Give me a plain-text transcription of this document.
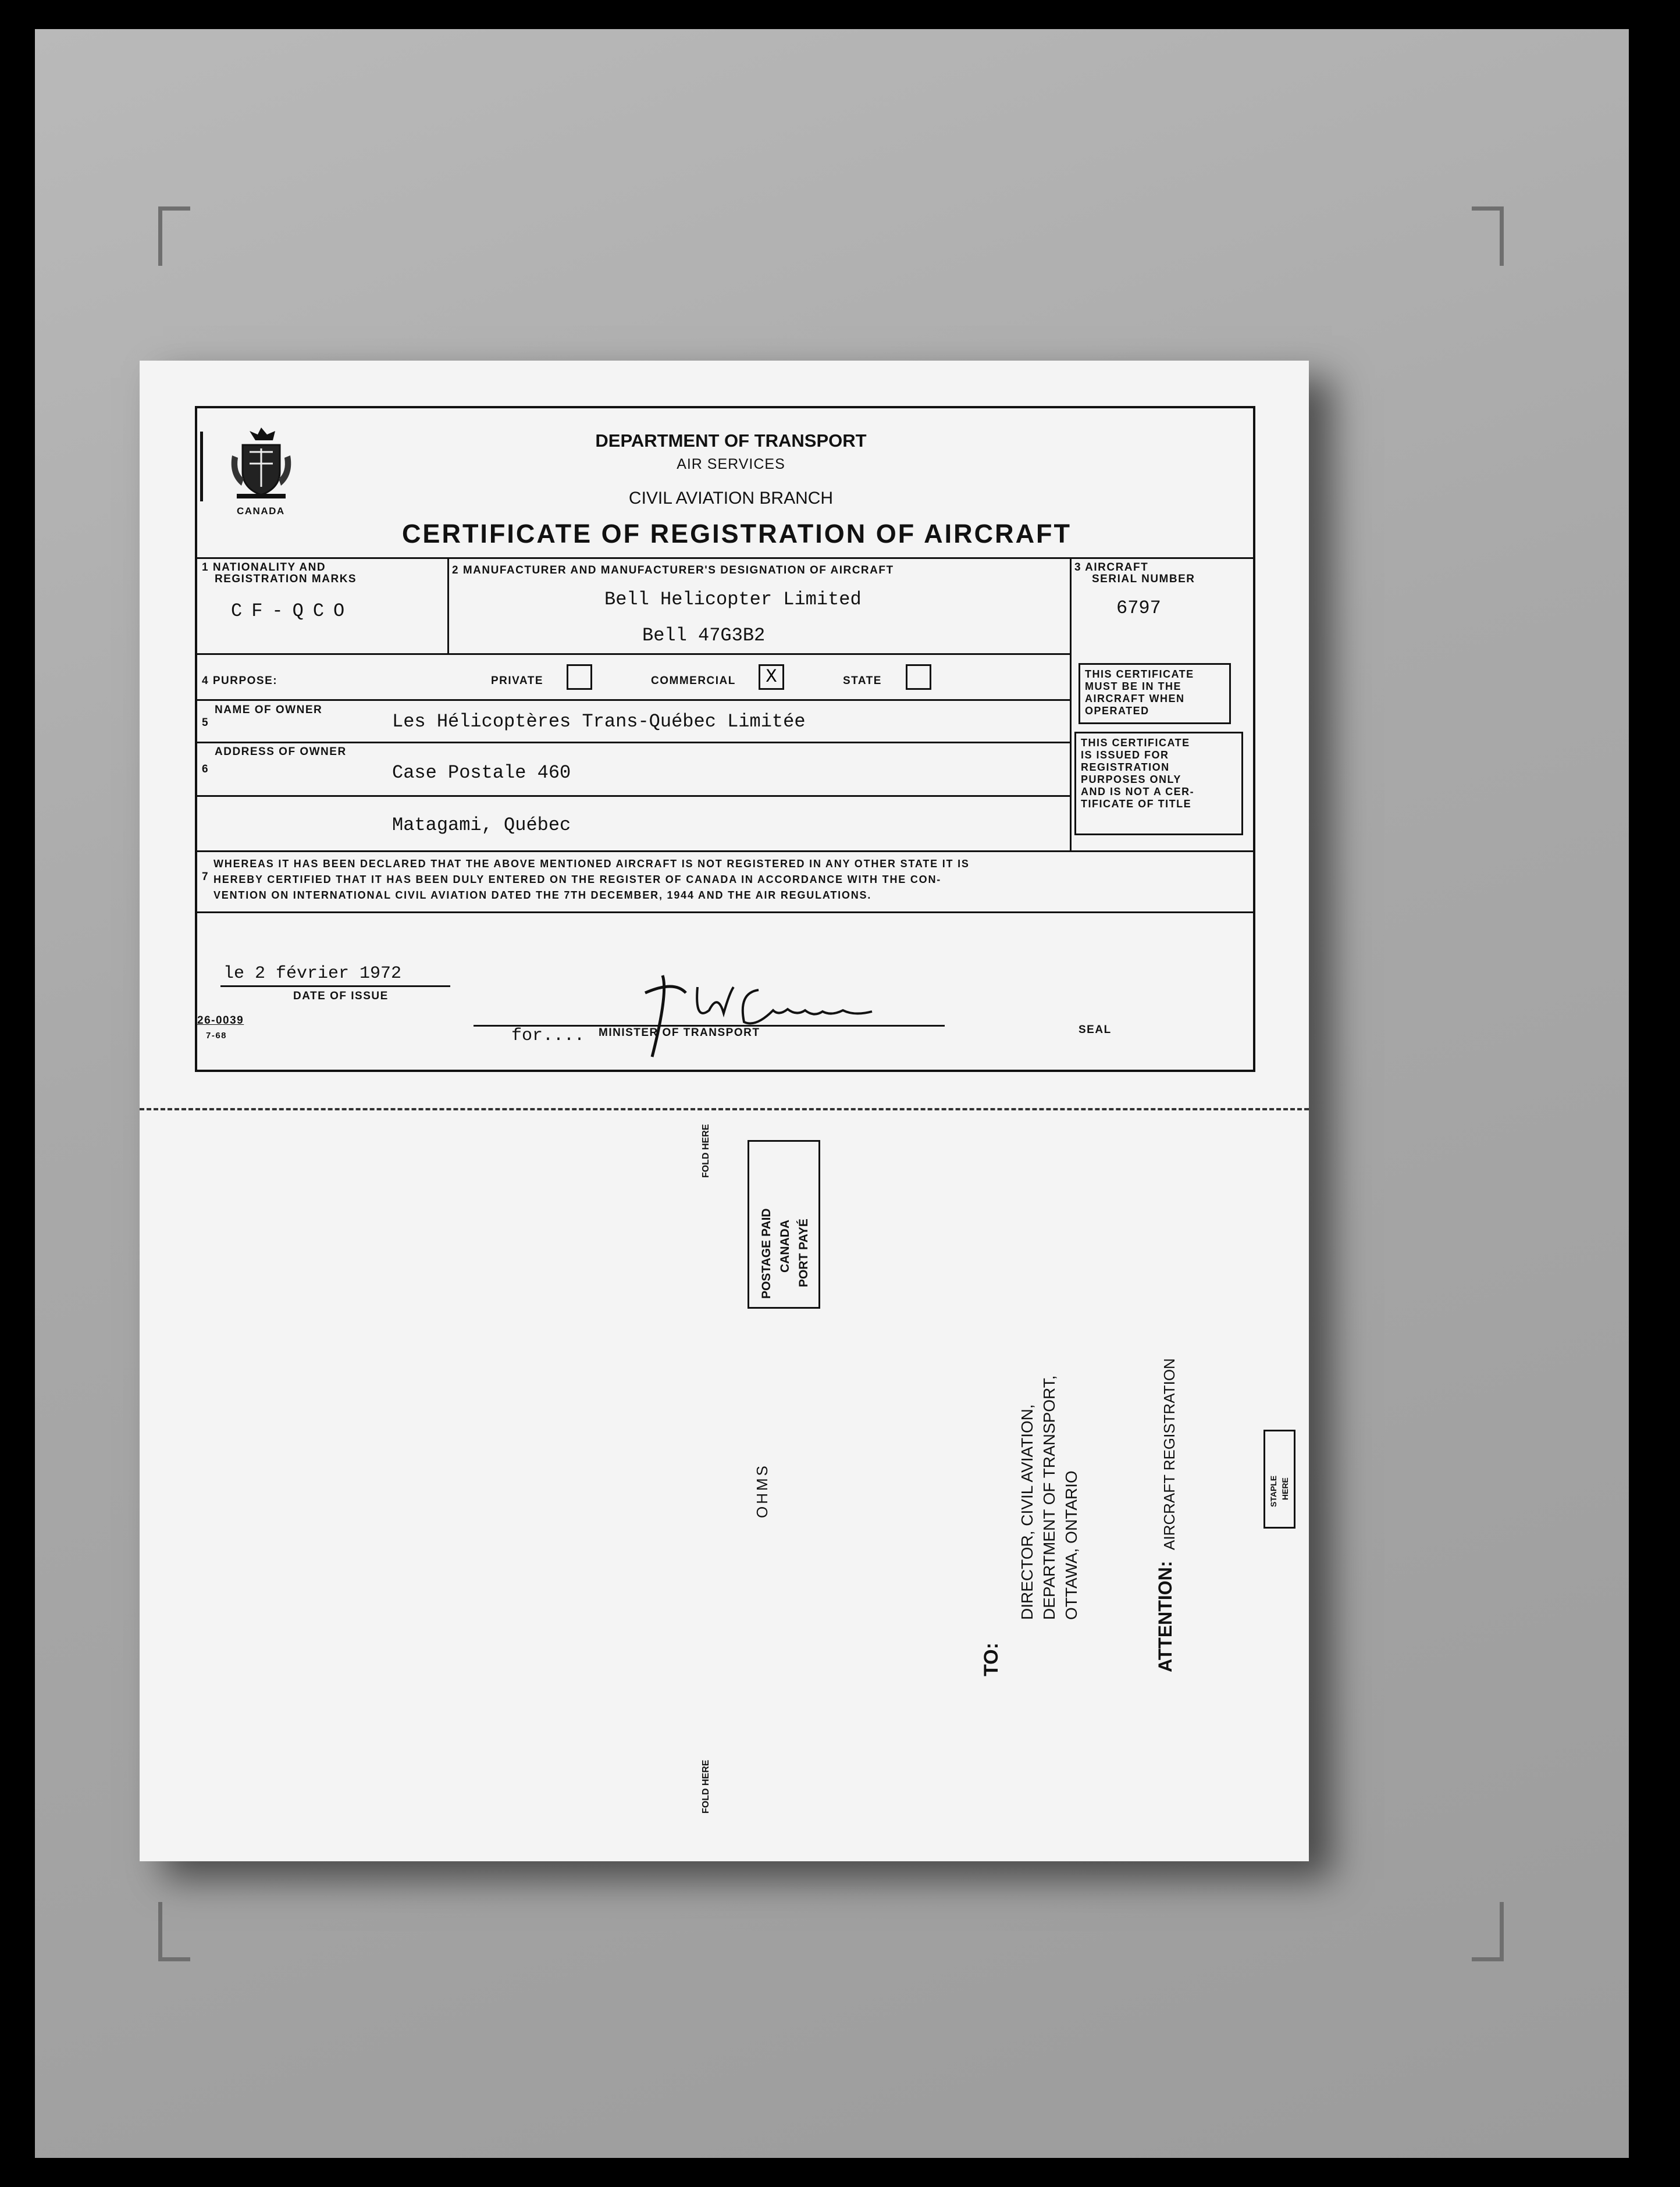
CANADA
DEPARTMENT OF TRANSPORT
AIR SERVICES
CIVIL AVIATION BRANCH
CERTIFICATE OF REGISTRATION OF AIRCRAFT
1 NATIONALITY AND
REGISTRATION MARKS
CF-QCO
2 MANUFACTURER AND MANUFACTURER'S DESIGNATION OF AIRCRAFT
Bell Helicopter Limited
Bell 47G3B2
3 AIRCRAFT
SERIAL NUMBER
6797
4 PURPOSE:	PRIVATE	COMMERCIAL	X	STATE
5
NAME OF OWNER
Les Hélicoptères Trans-Québec Limitée
6
ADDRESS OF OWNER
Case Postale 460
Matagami, Québec
THIS CERTIFICATE
MUST BE IN THE
AIRCRAFT WHEN
OPERATED
THIS CERTIFICATE
IS ISSUED FOR
REGISTRATION
PURPOSES ONLY
AND IS NOT A CER-
TIFICATE OF TITLE
7
WHEREAS IT HAS BEEN DECLARED THAT THE ABOVE MENTIONED AIRCRAFT IS NOT REGISTERED IN ANY OTHER STATE IT IS
HEREBY CERTIFIED THAT IT HAS BEEN DULY ENTERED ON THE REGISTER OF CANADA IN ACCORDANCE WITH THE CON-
VENTION ON INTERNATIONAL CIVIL AVIATION DATED THE 7TH DECEMBER, 1944 AND THE AIR REGULATIONS.
le 2 février 1972
DATE OF ISSUE
26-0039
7-68	for.... MINISTER OF TRANSPORT	SEAL
FOLD HERE
POSTAGE PAID CANADA PORT PAYÉ
OHMS
TO:
DIRECTOR, CIVIL AVIATION, DEPARTMENT OF TRANSPORT, OTTAWA, ONTARIO	ATTENTION:
AIRCRAFT REGISTRATION	STAPLE HERE
FOLD HERE
